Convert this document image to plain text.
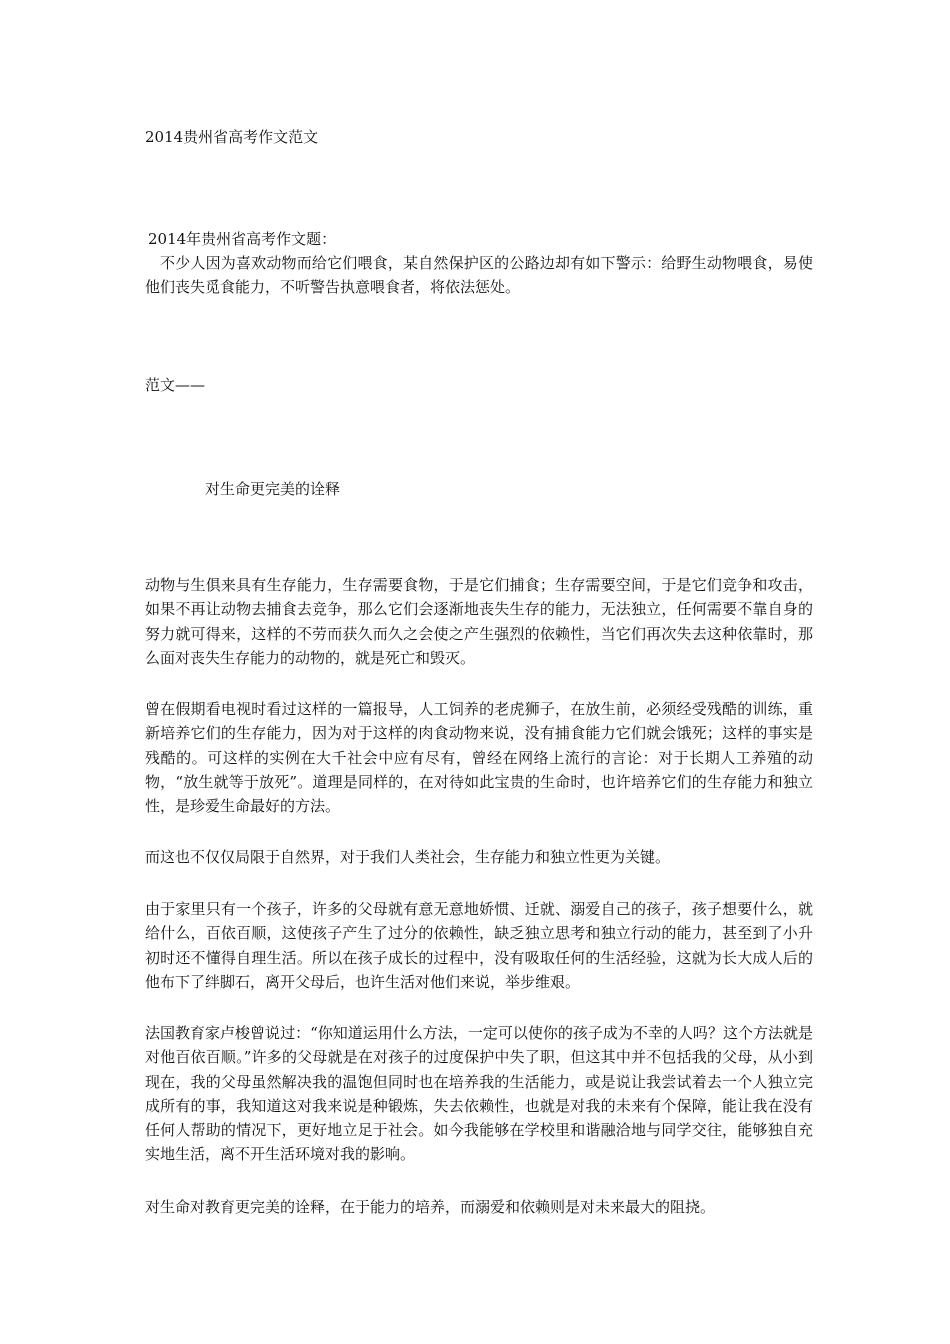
2014贵州省高考作文范文
2014年贵州省高考作文题：
不少人因为喜欢动物而给它们喂食，某自然保护区的公路边却有如下警示：给野生动物喂食，易使他们丧失觅食能力，不听警告执意喂食者，将依法惩处。
范文——
对生命更完美的诠释
动物与生俱来具有生存能力，生存需要食物，于是它们捕食；生存需要空间，于是它们竞争和攻击，如果不再让动物去捕食去竞争，那么它们会逐渐地丧失生存的能力，无法独立，任何需要不靠自身的努力就可得来，这样的不劳而获久而久之会使之产生强烈的依赖性，当它们再次失去这种依靠时，那么面对丧失生存能力的动物的，就是死亡和毁灭。
曾在假期看电视时看过这样的一篇报导，人工饲养的老虎狮子，在放生前，必须经受残酷的训练，重新培养它们的生存能力，因为对于这样的肉食动物来说，没有捕食能力它们就会饿死；这样的事实是残酷的。可这样的实例在大千社会中应有尽有，曾经在网络上流行的言论：对于长期人工养殖的动物，“放生就等于放死”。道理是同样的，在对待如此宝贵的生命时，也许培养它们的生存能力和独立性，是珍爱生命最好的方法。
而这也不仅仅局限于自然界，对于我们人类社会，生存能力和独立性更为关键。
由于家里只有一个孩子，许多的父母就有意无意地娇惯、迁就、溺爱自己的孩子，孩子想要什么，就给什么，百依百顺，这使孩子产生了过分的依赖性，缺乏独立思考和独立行动的能力，甚至到了小升初时还不懂得自理生活。所以在孩子成长的过程中，没有吸取任何的生活经验，这就为长大成人后的他布下了绊脚石，离开父母后，也许生活对他们来说，举步维艰。
法国教育家卢梭曾说过：“你知道运用什么方法，一定可以使你的孩子成为不幸的人吗？这个方法就是对他百依百顺。”许多的父母就是在对孩子的过度保护中失了职，但这其中并不包括我的父母，从小到现在，我的父母虽然解决我的温饱但同时也在培养我的生活能力，或是说让我尝试着去一个人独立完成所有的事，我知道这对我来说是种锻炼，失去依赖性，也就是对我的未来有个保障，能让我在没有任何人帮助的情况下，更好地立足于社会。如今我能够在学校里和谐融洽地与同学交往，能够独自充实地生活，离不开生活环境对我的影响。
对生命对教育更完美的诠释，在于能力的培养，而溺爱和依赖则是对未来最大的阻挠。
